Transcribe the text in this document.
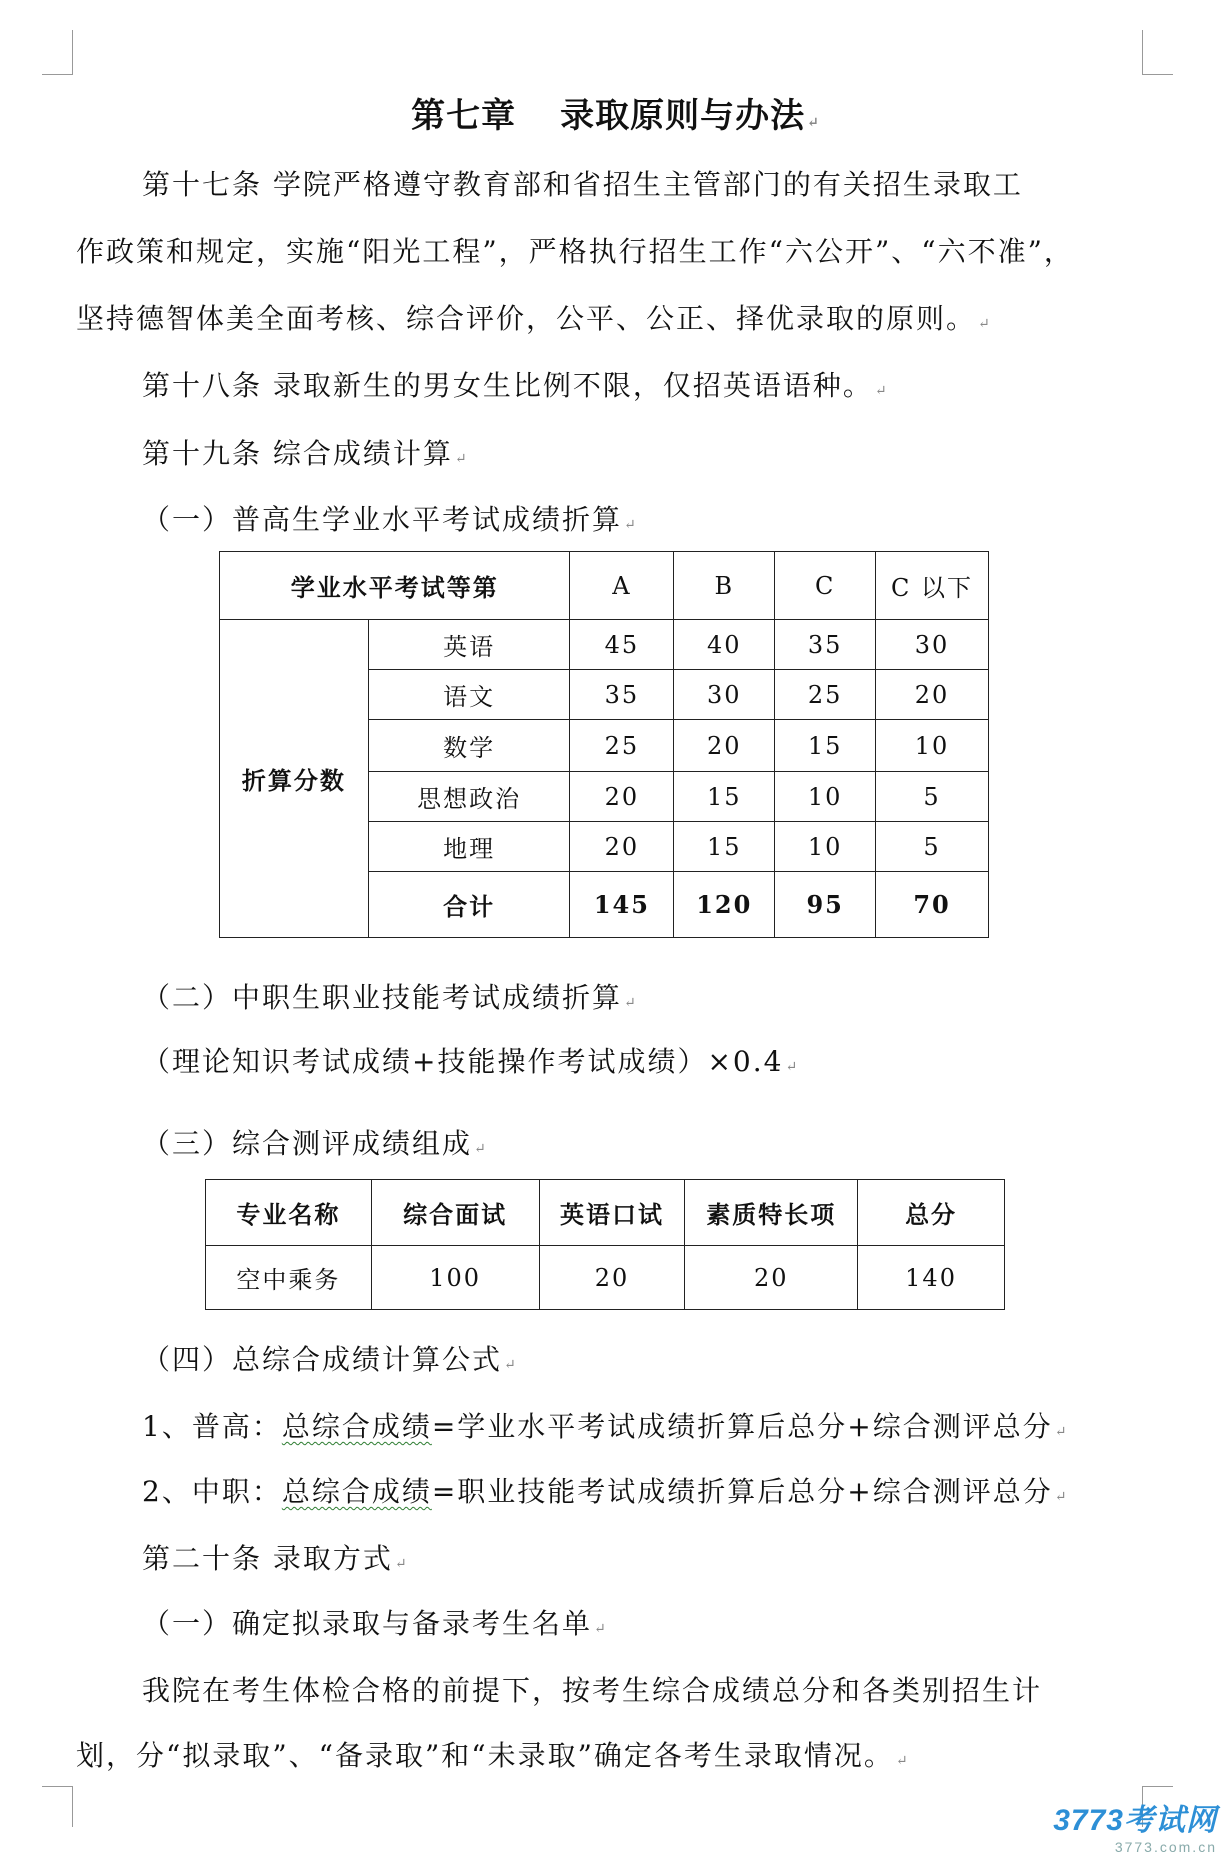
第七章 录取原则与办法 ↵
第十七条 学院严格遵守教育部和省招生主管部门的有关招生录取工
作政策和规定，实施“阳光工程”，严格执行招生工作“六公开”、“六不准”，
坚持德智体美全面考核、综合评价，公平、公正、择优录取的原则。 ↵
第十八条 录取新生的男女生比例不限，仅招英语语种。 ↵
第十九条 综合成绩计算 ↵
（一）普高生学业水平考试成绩折算 ↵
学业水平考试等第		A	B	C	C 以下
折算分数	英语	45	40	35	30
	语文	35	30	25	20
	数学	25	20	15	10
	思想政治	20	15	10	5
	地理	20	15	10	5
	合计	145	120	95	70
（二）中职生职业技能考试成绩折算 ↵
（理论知识考试成绩+技能操作考试成绩）×0.4 ↵
（三）综合测评成绩组成 ↵
专业名称	综合面试	英语口试	素质特长项	总分
空中乘务	100	20	20	140
（四）总综合成绩计算公式 ↵
1、普高：总综合成绩=学业水平考试成绩折算后总分+综合测评总分 ↵
2、中职：总综合成绩=职业技能考试成绩折算后总分+综合测评总分 ↵
第二十条 录取方式 ↵
（一）确定拟录取与备录考生名单 ↵
我院在考生体检合格的前提下，按考生综合成绩总分和各类别招生计
划，分“拟录取”、“备录取”和“未录取”确定各考生录取情况。 ↵
3773考试网
3773.com.cn
